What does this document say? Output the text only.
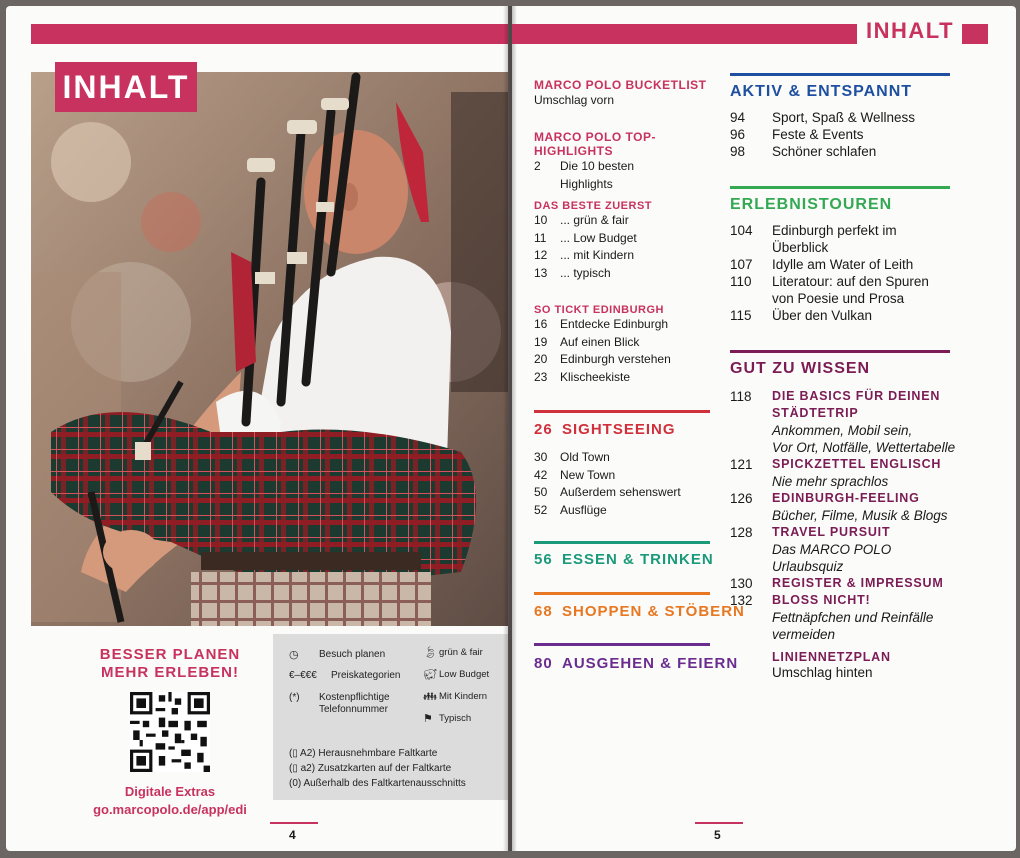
INHALT
BESSER PLANEN
MEHR ERLEBEN!
Digitale Extras
go.marcopolo.de/app/edi
◷	Besuch planen
€–€€€ Preiskategorien
(*)	Kostenpflichtige Telefonnummer
🍃︎ grün & fair
🐖︎ Low Budget
👪︎ Mit Kindern
⚑ Typisch
(▯ A2) Herausnehmbare Faltkarte
(▯ a2) Zusatzkarten auf der Faltkarte
(0) Außerhalb des Faltkartenausschnitts
4
INHALT
MARCO POLO BUCKETLIST
Umschlag vorn
MARCO POLO TOP-HIGHLIGHTS
2	Die 10 besten
Highlights
DAS BESTE ZUERST
10	... grün & fair
11	... Low Budget
12	... mit Kindern
13	... typisch
SO TICKT EDINBURGH
16	Entdecke Edinburgh
19	Auf einen Blick
20	Edinburgh verstehen
23	Klischeekiste
26 SIGHTSEEING
30	Old Town
42	New Town
50	Außerdem sehenswert
52	Ausflüge
56 ESSEN & TRINKEN
68 SHOPPEN & STÖBERN
80 AUSGEHEN & FEIERN
AKTIV & ENTSPANNT
94	Sport, Spaß & Wellness
96	Feste & Events
98	Schöner schlafen
ERLEBNISTOUREN
104	Edinburgh perfekt im
Überblick
107	Idylle am Water of Leith
110	Literatour: auf den Spuren
von Poesie und Prosa
115	Über den Vulkan
GUT ZU WISSEN
118	DIE BASICS FÜR DEINEN
STÄDTETRIP
Ankommen, Mobil sein,
Vor Ort, Notfälle, Wettertabelle
121	SPICKZETTEL ENGLISCH
Nie mehr sprachlos
126	EDINBURGH-FEELING
Bücher, Filme, Musik & Blogs
128	TRAVEL PURSUIT
Das MARCO POLO Urlaubsquiz
130	REGISTER & IMPRESSUM
132	BLOSS NICHT!
Fettnäpfchen und Reinfälle
vermeiden
LINIENNETZPLAN
Umschlag hinten
5
